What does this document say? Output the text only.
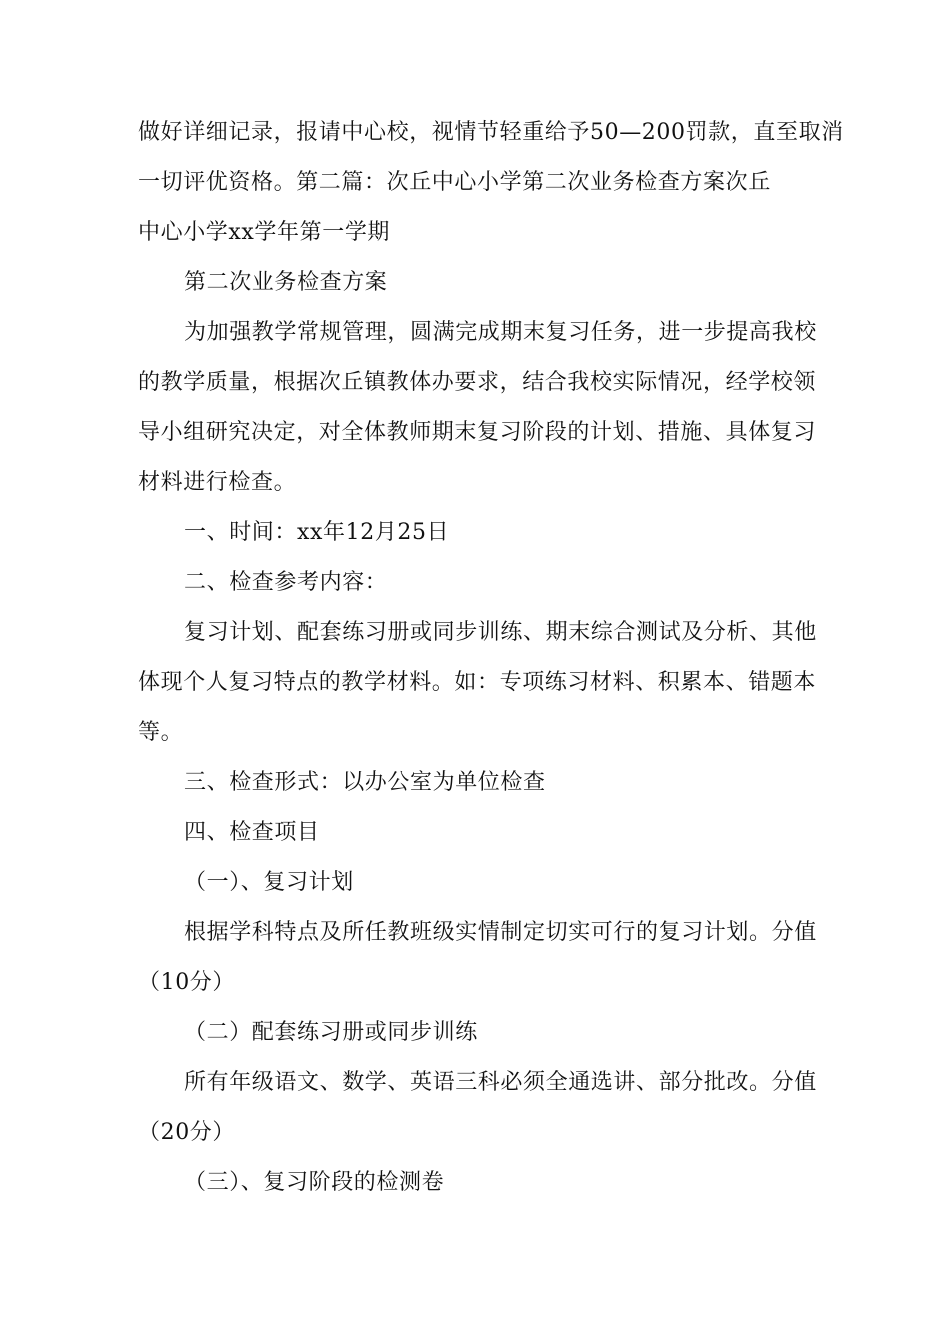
做好详细记录，报请中心校，视情节轻重给予50—200罚款，直至取消
一切评优资格。第二篇：次丘中心小学第二次业务检查方案次丘
中心小学xx学年第一学期
第二次业务检查方案
为加强教学常规管理，圆满完成期末复习任务，进一步提高我校
的教学质量，根据次丘镇教体办要求，结合我校实际情况，经学校领
导小组研究决定，对全体教师期末复习阶段的计划、措施、具体复习
材料进行检查。
一、时间：xx年12月25日
二、检查参考内容：
复习计划、配套练习册或同步训练、期末综合测试及分析、其他
体现个人复习特点的教学材料。如：专项练习材料、积累本、错题本
等。
三、检查形式：以办公室为单位检查
四、检查项目
（一）、复习计划
根据学科特点及所任教班级实情制定切实可行的复习计划。分值
（10分）
（二）配套练习册或同步训练
所有年级语文、数学、英语三科必须全通选讲、部分批改。分值
（20分）
（三）、复习阶段的检测卷
